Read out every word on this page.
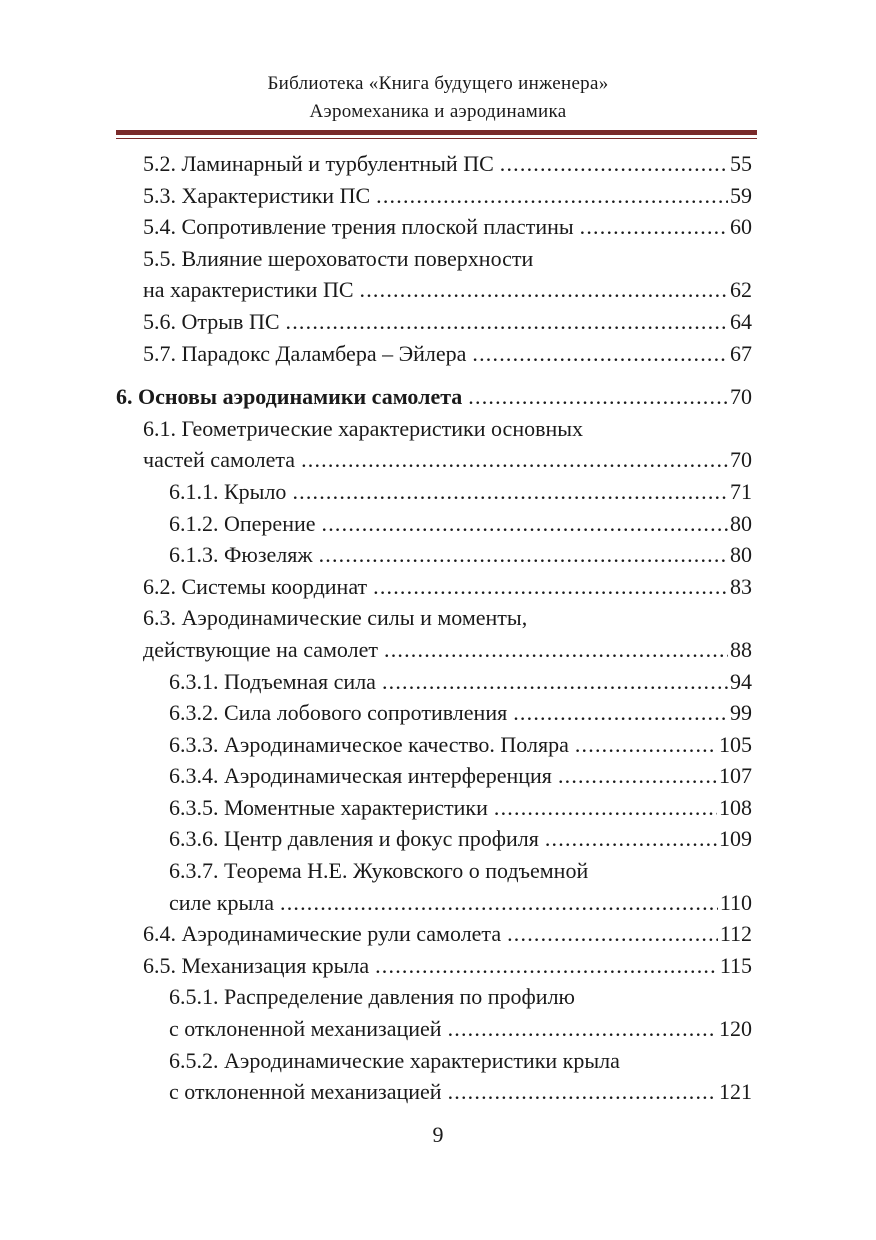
Библиотека «Книга будущего инженера»
Аэромеханика и аэродинамика
5.2. Ламинарный и турбулентный ПС .....	55
5.3. Характеристики ПС .....	59
5.4. Сопротивление трения плоской пластины .....	60
5.5. Влияние шероховатости поверхности
на характеристики ПС .....	62
5.6. Отрыв ПС .....	64
5.7. Парадокс Даламбера – Эйлера .....	67
6. Основы аэродинамики самолета .....	70
6.1. Геометрические характеристики основных
частей самолета .....	70
6.1.1. Крыло .....	71
6.1.2. Оперение .....	80
6.1.3. Фюзеляж .....	80
6.2. Системы координат .....	83
6.3. Аэродинамические силы и моменты,
действующие на самолет .....	88
6.3.1. Подъемная сила .....	94
6.3.2. Сила лобового сопротивления .....	99
6.3.3. Аэродинамическое качество. Поляра .....	105
6.3.4. Аэродинамическая интерференция .....	107
6.3.5. Моментные характеристики .....	108
6.3.6. Центр давления и фокус профиля .....	109
6.3.7. Теорема Н.Е. Жуковского о подъемной
силе крыла .....	110
6.4. Аэродинамические рули самолета .....	112
6.5. Механизация крыла .....	115
6.5.1. Распределение давления по профилю
с отклоненной механизацией .....	120
6.5.2. Аэродинамические характеристики крыла
с отклоненной механизацией .....	121
9
